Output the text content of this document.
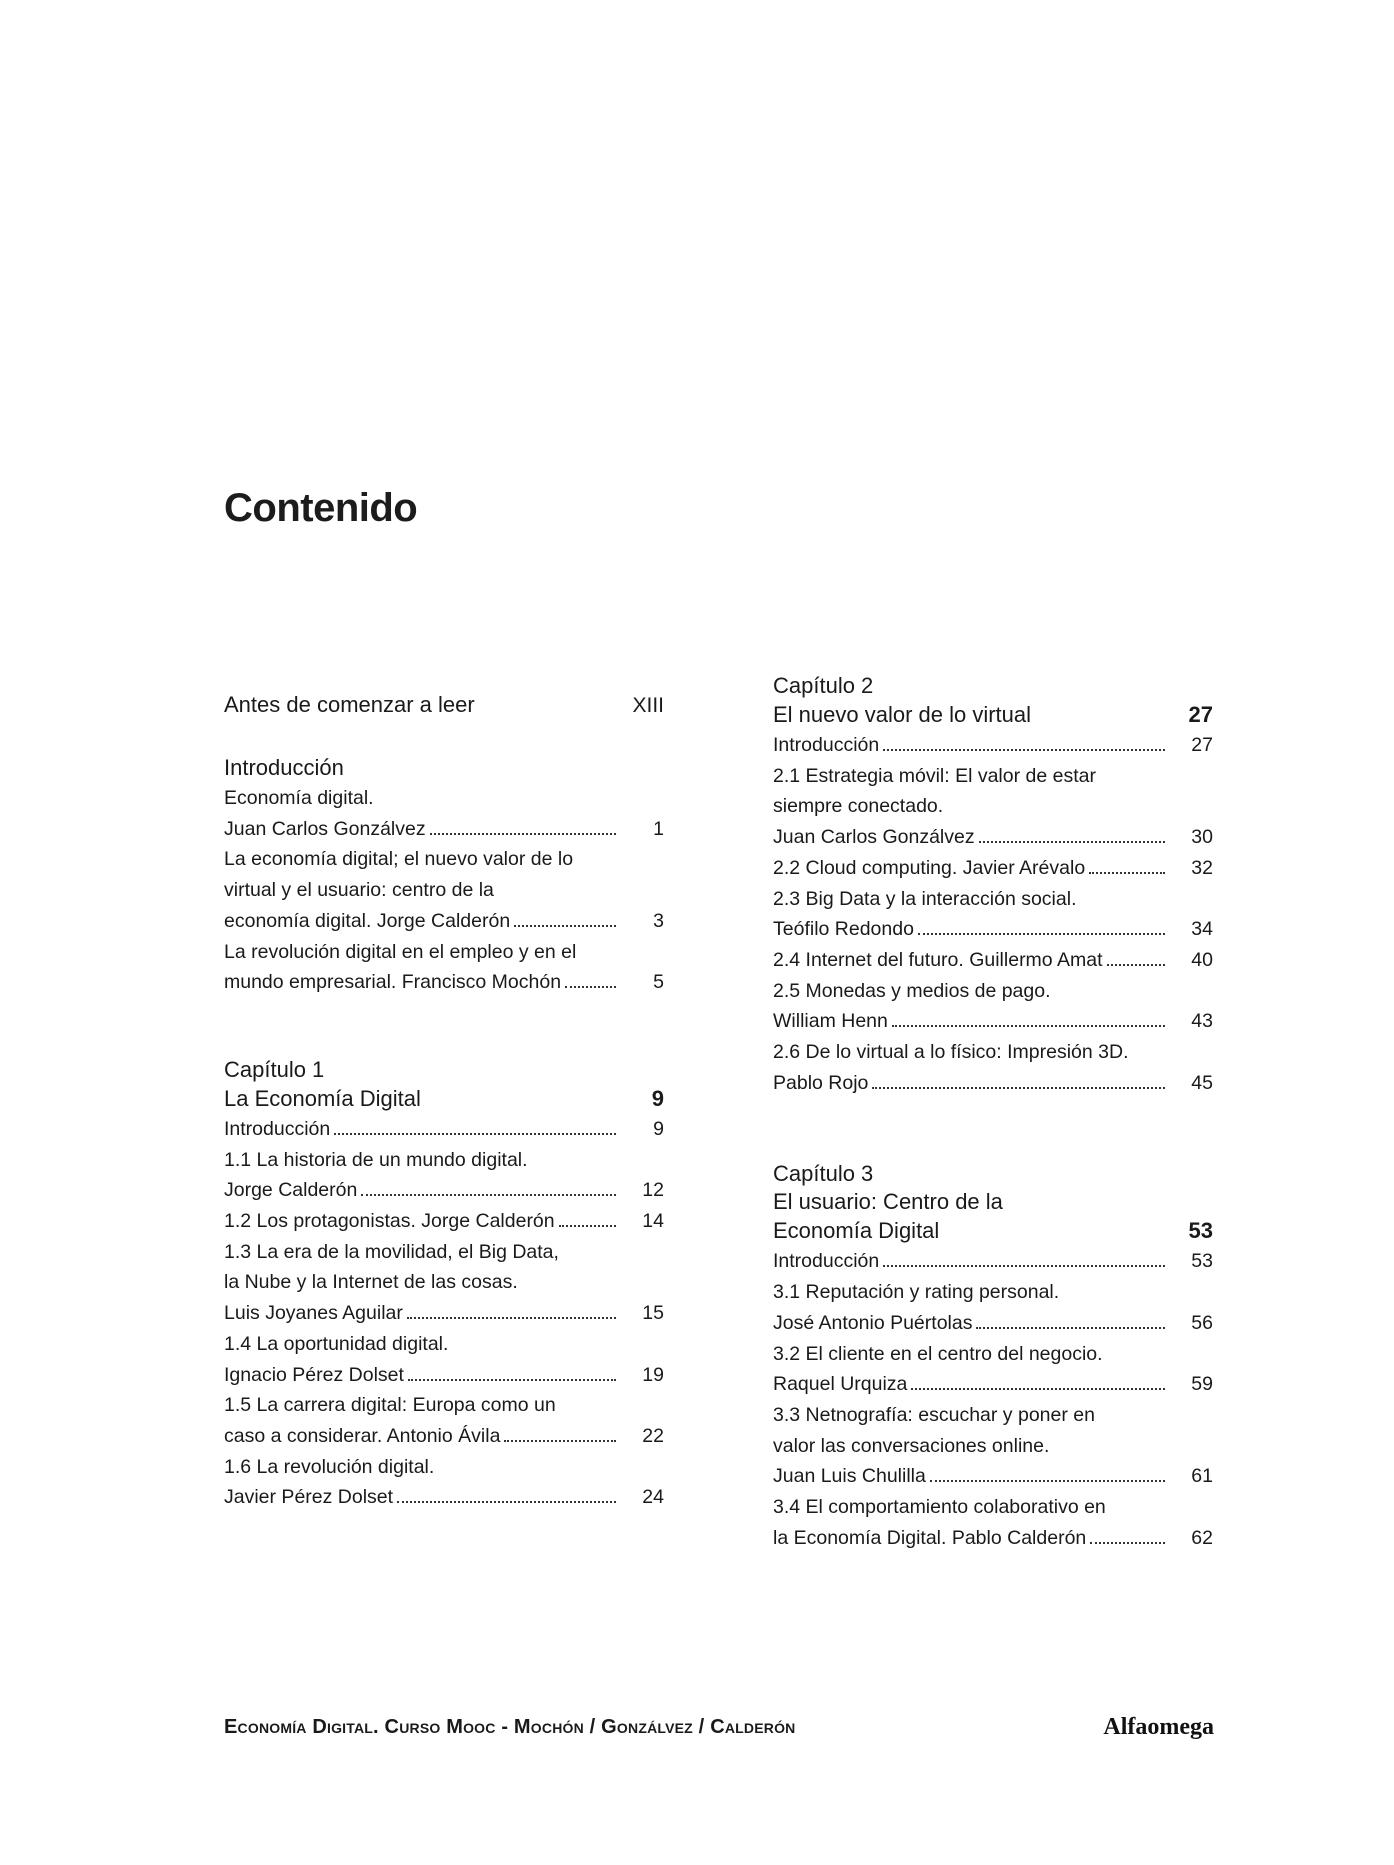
Contenido
Antes de comenzar a leer	XIII
Introducción
Economía digital.
Juan Carlos Gonzálvez	1
La economía digital; el nuevo valor de lo
virtual y el usuario: centro de la
economía digital. Jorge Calderón	3
La revolución digital en el empleo y en el
mundo empresarial. Francisco Mochón	5
Capítulo 1
La Economía Digital	9
Introducción	9
1.1 La historia de un mundo digital.
Jorge Calderón	12
1.2 Los protagonistas. Jorge Calderón	14
1.3 La era de la movilidad, el Big Data,
la Nube y la Internet de las cosas.
Luis Joyanes Aguilar	15
1.4 La oportunidad digital.
Ignacio Pérez Dolset	19
1.5 La carrera digital: Europa como un
caso a considerar. Antonio Ávila	22
1.6 La revolución digital.
Javier Pérez Dolset	24
Capítulo 2
El nuevo valor de lo virtual	27
Introducción	27
2.1 Estrategia móvil: El valor de estar
siempre conectado.
Juan Carlos Gonzálvez	30
2.2 Cloud computing. Javier Arévalo	32
2.3 Big Data y la interacción social.
Teófilo Redondo	34
2.4 Internet del futuro. Guillermo Amat	40
2.5 Monedas y medios de pago.
William Henn	43
2.6 De lo virtual a lo físico: Impresión 3D.
Pablo Rojo	45
Capítulo 3
El usuario: Centro de la
Economía Digital	53
Introducción	53
3.1 Reputación y rating personal.
José Antonio Puértolas	56
3.2 El cliente en el centro del negocio.
Raquel Urquiza	59
3.3 Netnografía: escuchar y poner en
valor las conversaciones online.
Juan Luis Chulilla	61
3.4 El comportamiento colaborativo en
la Economía Digital. Pablo Calderón	62
Economía Digital. Curso Mooc - Mochón / Gonzálvez / Calderón	Alfaomega
